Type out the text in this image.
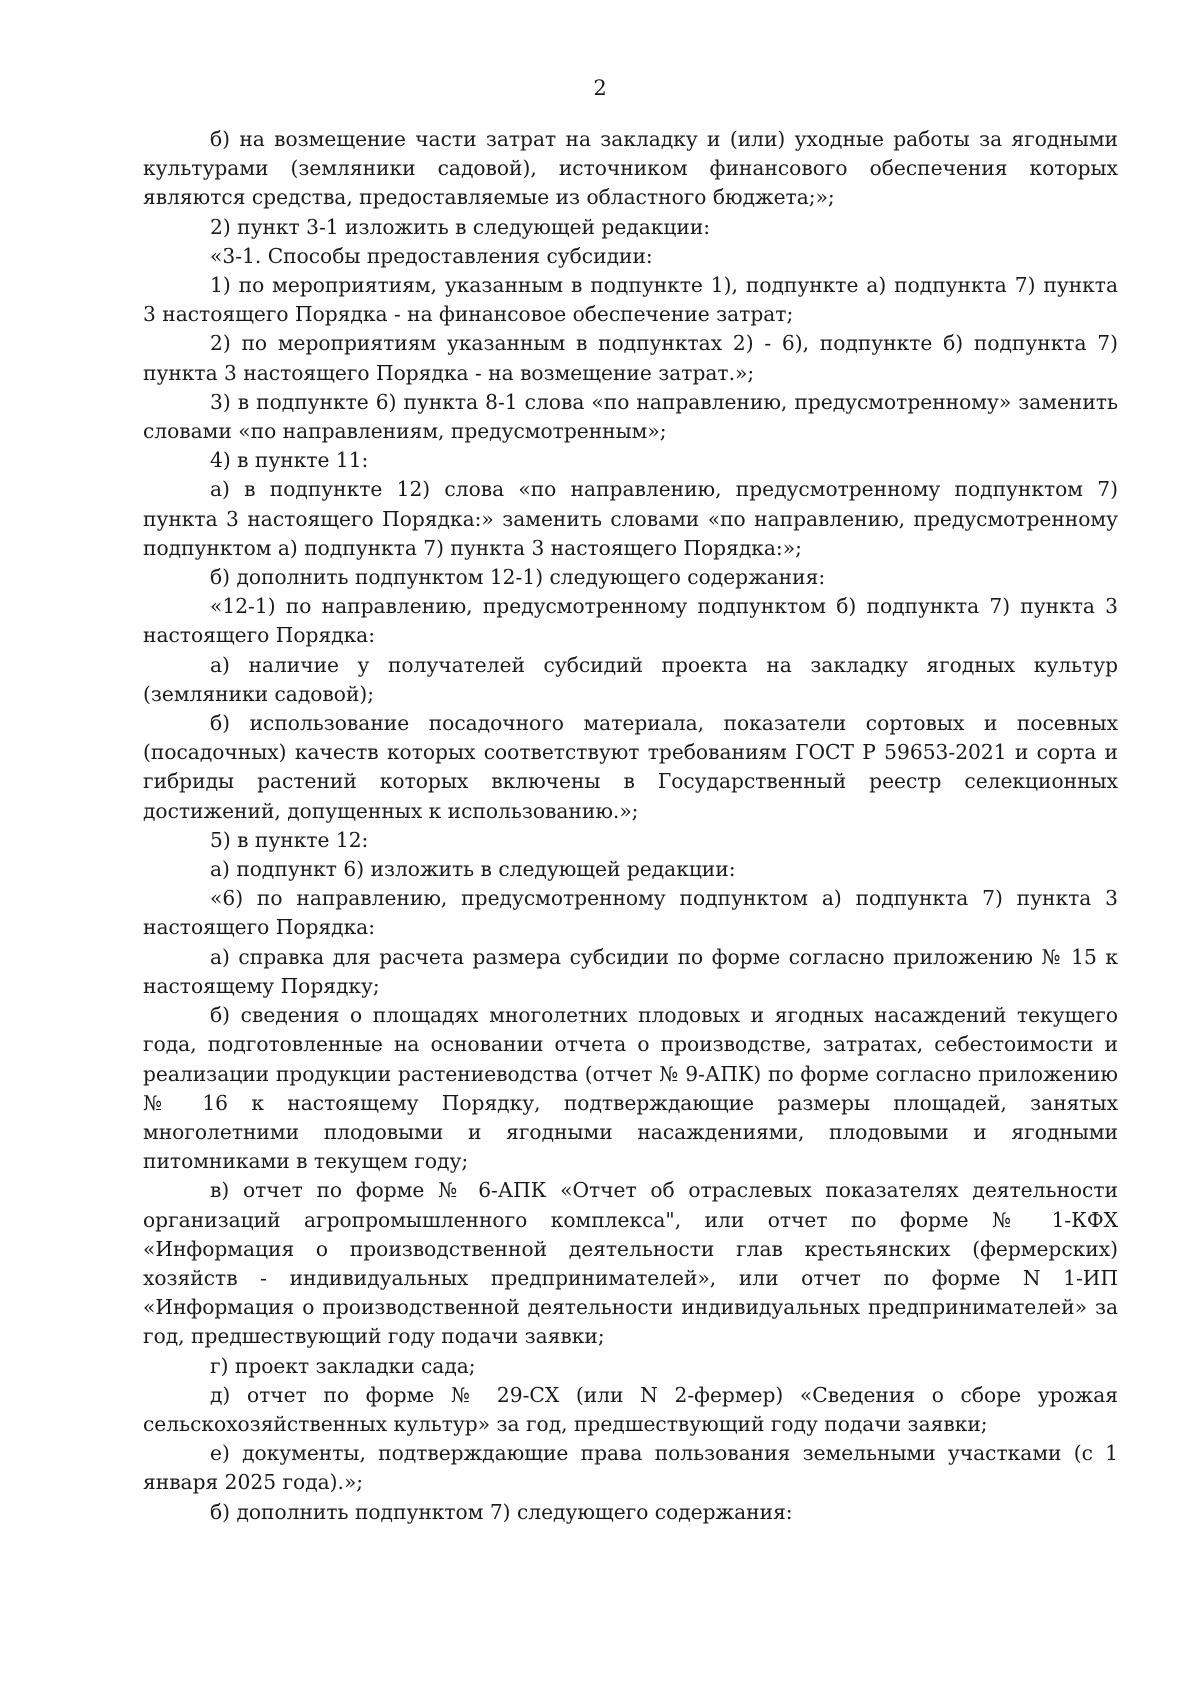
2

б) на возмещение части затрат на закладку и (или) уходные работы за ягодными культурами (земляники садовой), источником финансового обеспечения которых являются средства, предоставляемые из областного бюджета;»;

2) пункт 3-1 изложить в следующей редакции:

«3-1. Способы предоставления субсидии:

1) по мероприятиям, указанным в подпункте 1), подпункте а) подпункта 7) пункта 3 настоящего Порядка - на финансовое обеспечение затрат;

2) по мероприятиям указанным в подпунктах 2) - 6), подпункте б) подпункта 7) пункта 3 настоящего Порядка - на возмещение затрат.»;

3) в подпункте 6) пункта 8-1 слова «по направлению, предусмотренному» заменить словами «по направлениям, предусмотренным»;

4) в пункте 11:

а) в подпункте 12) слова «по направлению, предусмотренному подпунктом 7) пункта 3 настоящего Порядка:» заменить словами «по направлению, предусмотренному подпунктом а) подпункта 7) пункта 3 настоящего Порядка:»;

б) дополнить подпунктом 12-1) следующего содержания:

«12-1) по направлению, предусмотренному подпунктом б) подпункта 7) пункта 3 настоящего Порядка:

а) наличие у получателей субсидий проекта на закладку ягодных культур (земляники садовой);

б) использование посадочного материала, показатели сортовых и посевных (посадочных) качеств которых соответствуют требованиям ГОСТ Р 59653-2021 и сорта и гибриды растений которых включены в Государственный реестр селекционных достижений, допущенных к использованию.»;

5) в пункте 12:

а) подпункт 6) изложить в следующей редакции:

«6) по направлению, предусмотренному подпунктом а) подпункта 7) пункта 3 настоящего Порядка:

а) справка для расчета размера субсидии по форме согласно приложению № 15 к настоящему Порядку;

б) сведения о площадях многолетних плодовых и ягодных насаждений текущего года, подготовленные на основании отчета о производстве, затратах, себестоимости и реализации продукции растениеводства (отчет № 9-АПК) по форме согласно приложению № 16 к настоящему Порядку, подтверждающие размеры площадей, занятых многолетними плодовыми и ягодными насаждениями, плодовыми и ягодными питомниками в текущем году;

в) отчет по форме № 6-АПК «Отчет об отраслевых показателях деятельности организаций агропромышленного комплекса", или отчет по форме № 1-КФХ «Информация о производственной деятельности глав крестьянских (фермерских) хозяйств - индивидуальных предпринимателей», или отчет по форме N 1-ИП «Информация о производственной деятельности индивидуальных предпринимателей» за год, предшествующий году подачи заявки;

г) проект закладки сада;

д) отчет по форме № 29-СХ (или N 2-фермер) «Сведения о сборе урожая сельскохозяйственных культур» за год, предшествующий году подачи заявки;

е) документы, подтверждающие права пользования земельными участками (с 1 января 2025 года).»;

б) дополнить подпунктом 7) следующего содержания:
